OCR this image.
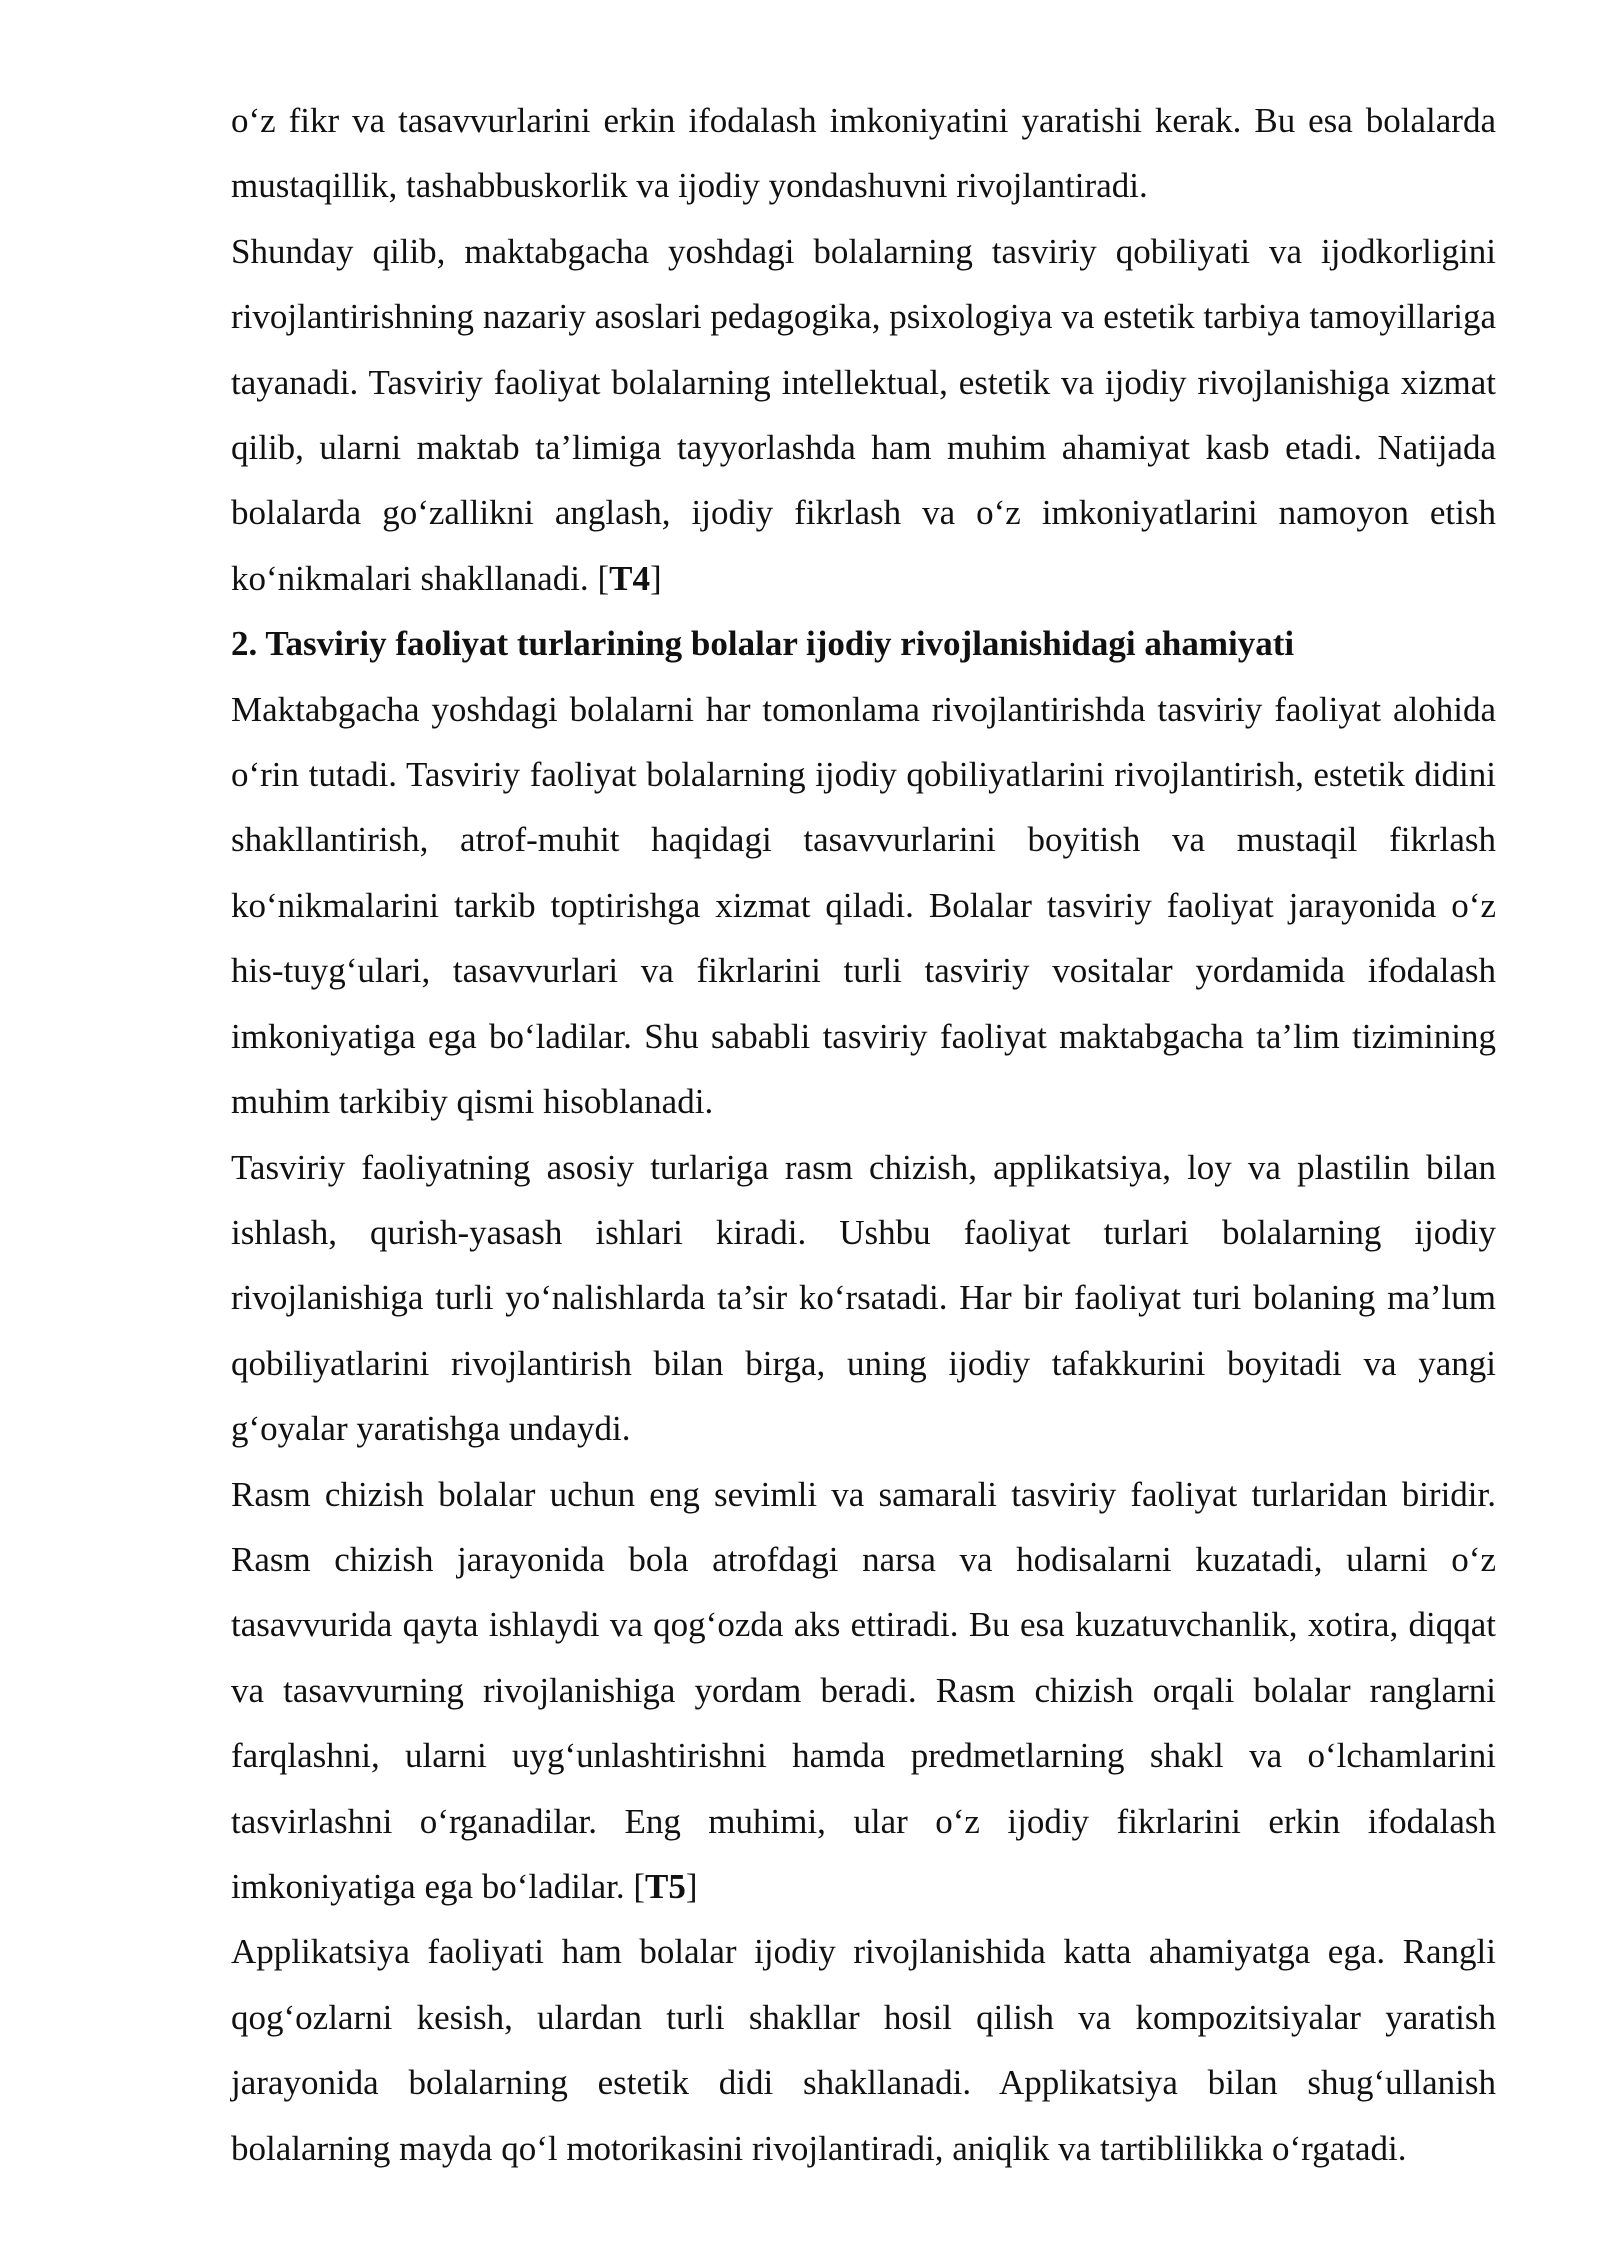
o‘z fikr va tasavvurlarini erkin ifodalash imkoniyatini yaratishi kerak. Bu esa bolalarda mustaqillik, tashabbuskorlik va ijodiy yondashuvni rivojlantiradi.

Shunday qilib, maktabgacha yoshdagi bolalarning tasviriy qobiliyati va ijodkorligini rivojlantirishning nazariy asoslari pedagogika, psixologiya va estetik tarbiya tamoyillariga tayanadi. Tasviriy faoliyat bolalarning intellektual, estetik va ijodiy rivojlanishiga xizmat qilib, ularni maktab ta’limiga tayyorlashda ham muhim ahamiyat kasb etadi. Natijada bolalarda go‘zallikni anglash, ijodiy fikrlash va o‘z imkoniyatlarini namoyon etish ko‘nikmalari shakllanadi. [T4]

2. Tasviriy faoliyat turlarining bolalar ijodiy rivojlanishidagi ahamiyati

Maktabgacha yoshdagi bolalarni har tomonlama rivojlantirishda tasviriy faoliyat alohida o‘rin tutadi. Tasviriy faoliyat bolalarning ijodiy qobiliyatlarini rivojlantirish, estetik didini shakllantirish, atrof-muhit haqidagi tasavvurlarini boyitish va mustaqil fikrlash ko‘nikmalarini tarkib toptirishga xizmat qiladi. Bolalar tasviriy faoliyat jarayonida o‘z his-tuyg‘ulari, tasavvurlari va fikrlarini turli tasviriy vositalar yordamida ifodalash imkoniyatiga ega bo‘ladilar. Shu sababli tasviriy faoliyat maktabgacha ta’lim tizimining muhim tarkibiy qismi hisoblanadi.

Tasviriy faoliyatning asosiy turlariga rasm chizish, applikatsiya, loy va plastilin bilan ishlash, qurish-yasash ishlari kiradi. Ushbu faoliyat turlari bolalarning ijodiy rivojlanishiga turli yo‘nalishlarda ta’sir ko‘rsatadi. Har bir faoliyat turi bolaning ma’lum qobiliyatlarini rivojlantirish bilan birga, uning ijodiy tafakkurini boyitadi va yangi g‘oyalar yaratishga undaydi.

Rasm chizish bolalar uchun eng sevimli va samarali tasviriy faoliyat turlaridan biridir. Rasm chizish jarayonida bola atrofdagi narsa va hodisalarni kuzatadi, ularni o‘z tasavvurida qayta ishlaydi va qog‘ozda aks ettiradi. Bu esa kuzatuvchanlik, xotira, diqqat va tasavvurning rivojlanishiga yordam beradi. Rasm chizish orqali bolalar ranglarni farqlashni, ularni uyg‘unlashtirishni hamda predmetlarning shakl va o‘lchamlarini tasvirlashni o‘rganadilar. Eng muhimi, ular o‘z ijodiy fikrlarini erkin ifodalash imkoniyatiga ega bo‘ladilar. [T5]

Applikatsiya faoliyati ham bolalar ijodiy rivojlanishida katta ahamiyatga ega. Rangli qog‘ozlarni kesish, ulardan turli shakllar hosil qilish va kompozitsiyalar yaratish jarayonida bolalarning estetik didi shakllanadi. Applikatsiya bilan shug‘ullanish bolalarning mayda qo‘l motorikasini rivojlantiradi, aniqlik va tartiblilikka o‘rgatadi.
